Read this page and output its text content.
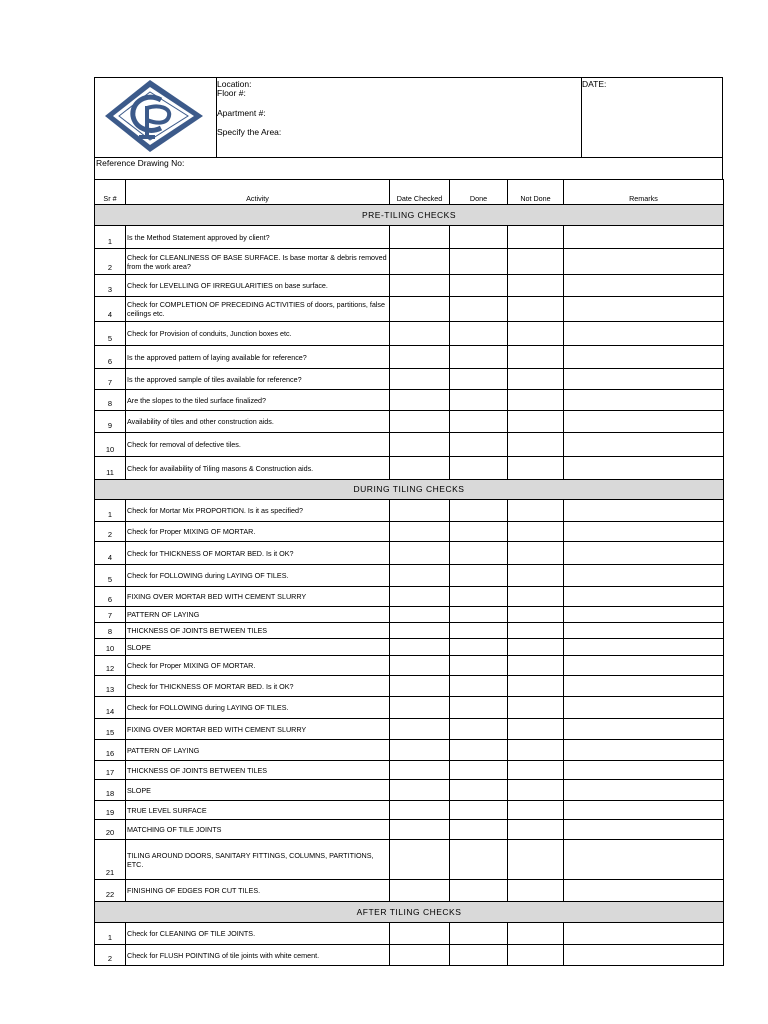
Location:
Floor #:
Apartment #:
Specify the Area:
DATE:
Reference Drawing No:
Sr #	Activity	Date Checked	Done	Not Done	Remarks
PRE-TILING CHECKS					
1	Is the Method Statement approved by client?				
2	Check for CLEANLINESS OF BASE SURFACE. Is base mortar & debris removed from the work area?				
3	Check for LEVELLING OF IRREGULARITIES on base surface.				
4	Check for COMPLETION OF PRECEDING ACTIVITIES of doors, partitions, false ceilings etc.				
5	Check for Provision of conduits, Junction boxes etc.				
6	Is the approved pattern of laying available for reference?				
7	Is the approved sample of tiles available for reference?				
8	Are the slopes to the tiled surface finalized?				
9	Availability of tiles and other construction aids.				
10	Check for removal of defective tiles.				
11	Check for availability of Tiling masons & Construction aids.				
DURING TILING CHECKS					
1	Check for Mortar Mix PROPORTION. Is it as specified?				
2	Check for Proper MIXING OF MORTAR.				
4	Check for THICKNESS OF MORTAR BED. Is it OK?				
5	Check for FOLLOWING during LAYING OF TILES.				
6	FIXING OVER MORTAR BED WITH CEMENT SLURRY				
7	PATTERN OF LAYING				
8	THICKNESS OF JOINTS BETWEEN TILES				
10	SLOPE				
12	Check for Proper MIXING OF MORTAR.				
13	Check for THICKNESS OF MORTAR BED. Is it OK?				
14	Check for FOLLOWING during LAYING OF TILES.				
15	FIXING OVER MORTAR BED WITH CEMENT SLURRY				
16	PATTERN OF LAYING				
17	THICKNESS OF JOINTS BETWEEN TILES				
18	SLOPE				
19	TRUE LEVEL SURFACE				
20	MATCHING OF TILE JOINTS				
21	TILING AROUND DOORS, SANITARY FITTINGS, COLUMNS, PARTITIONS, ETC.				
22	FINISHING OF EDGES FOR CUT TILES.				
AFTER TILING CHECKS					
1	Check for CLEANING OF TILE JOINTS.				
2	Check for FLUSH POINTING of tile joints with white cement.				
